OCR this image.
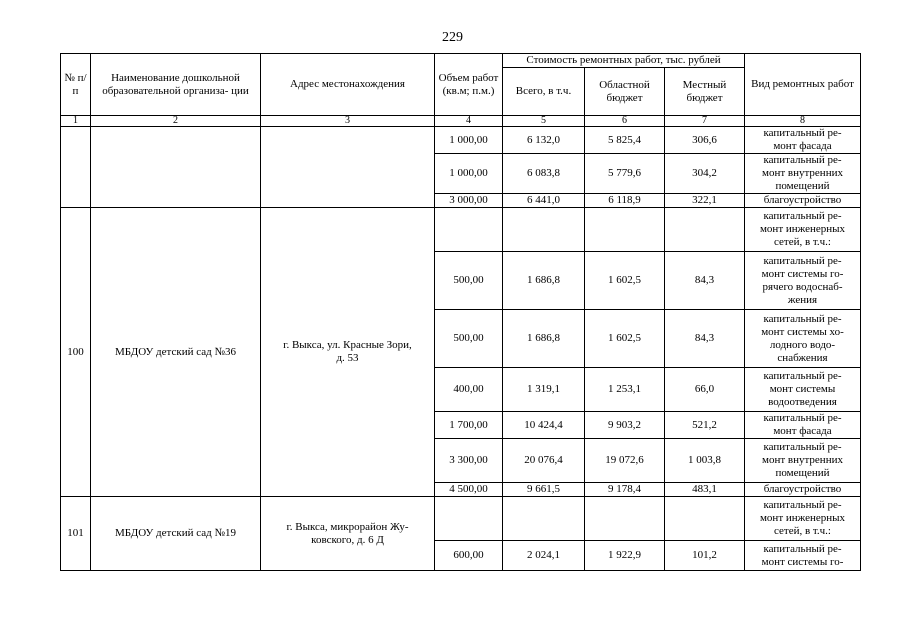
229
№ п/п	Наименование дошкольной образовательной организа- ции	Адрес местонахождения	Объем работ (кв.м; п.м.)	Стоимость ремонтных работ, тыс. рублей			Вид ремонтных работ
				Всего, в т.ч.	Областной бюджет	Местный бюджет	
1	2	3	4	5	6	7	8
			1 000,00	6 132,0	5 825,4	306,6	капитальный ре-
монт фасада
			1 000,00	6 083,8	5 779,6	304,2	капитальный ре-
монт внутренних
помещений
			3 000,00	6 441,0	6 118,9	322,1	благоустройство
100	МБДОУ детский сад №36	г. Выкса, ул. Красные Зори,
д. 53					капитальный ре-
монт инженерных
сетей, в т.ч.:
			500,00	1 686,8	1 602,5	84,3	капитальный ре-
монт системы го-
рячего водоснаб-
жения
			500,00	1 686,8	1 602,5	84,3	капитальный ре-
монт системы хо-
лодного водо-
снабжения
			400,00	1 319,1	1 253,1	66,0	капитальный ре-
монт системы
водоотведения
			1 700,00	10 424,4	9 903,2	521,2	капитальный ре-
монт фасада
			3 300,00	20 076,4	19 072,6	1 003,8	капитальный ре-
монт внутренних
помещений
			4 500,00	9 661,5	9 178,4	483,1	благоустройство
101	МБДОУ детский сад №19	г. Выкса, микрорайон Жу-
ковского, д. 6 Д					капитальный ре-
монт инженерных
сетей, в т.ч.:
			600,00	2 024,1	1 922,9	101,2	капитальный ре-
монт системы го-
